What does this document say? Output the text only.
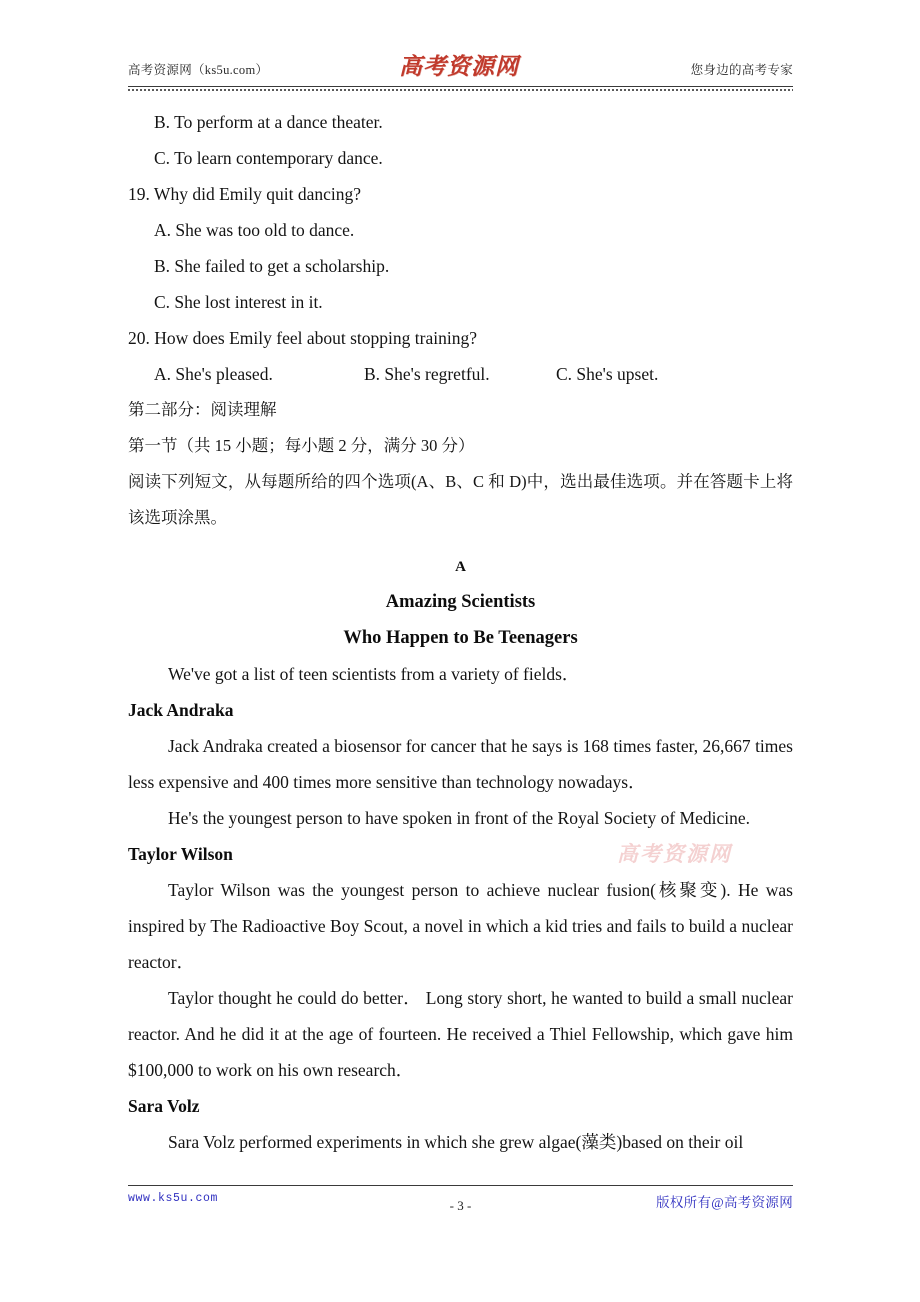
高考资源网（ks5u.com）	高考资源网	您身边的高考专家
B. To perform at a dance theater.
C. To learn contemporary dance.
19. Why did Emily quit dancing?
A. She was too old to dance.
B. She failed to get a scholarship.
C. She lost interest in it.
20. How does Emily feel about stopping training?
A. She's pleased.	B. She's regretful.	C. She's upset.
第二部分：阅读理解
第一节（共 15 小题；每小题 2 分，满分 30 分）
阅读下列短文，从每题所给的四个选项(A、B、C 和 D)中，选出最佳选项。并在答题卡上将该选项涂黑。
A
Amazing Scientists
Who Happen to Be Teenagers
We've got a list of teen scientists from a variety of fields．
Jack Andraka
Jack Andraka created a biosensor for cancer that he says is 168 times faster, 26,667 times less expensive and 400 times more sensitive than technology nowadays．
He's the youngest person to have spoken in front of the Royal Society of Medicine.
Taylor Wilson
Taylor Wilson was the youngest person to achieve nuclear fusion(核聚变). He was inspired by The Radioactive Boy Scout, a novel in which a kid tries and fails to build a nuclear reactor．
Taylor thought he could do better． Long story short, he wanted to build a small nuclear reactor. And he did it at the age of fourteen. He received a Thiel Fellowship, which gave him $100,000 to work on his own research．
Sara Volz
Sara Volz performed experiments in which she grew algae(藻类)based on their oil
高考资源网
www.ks5u.com	- 3 -	版权所有@高考资源网
